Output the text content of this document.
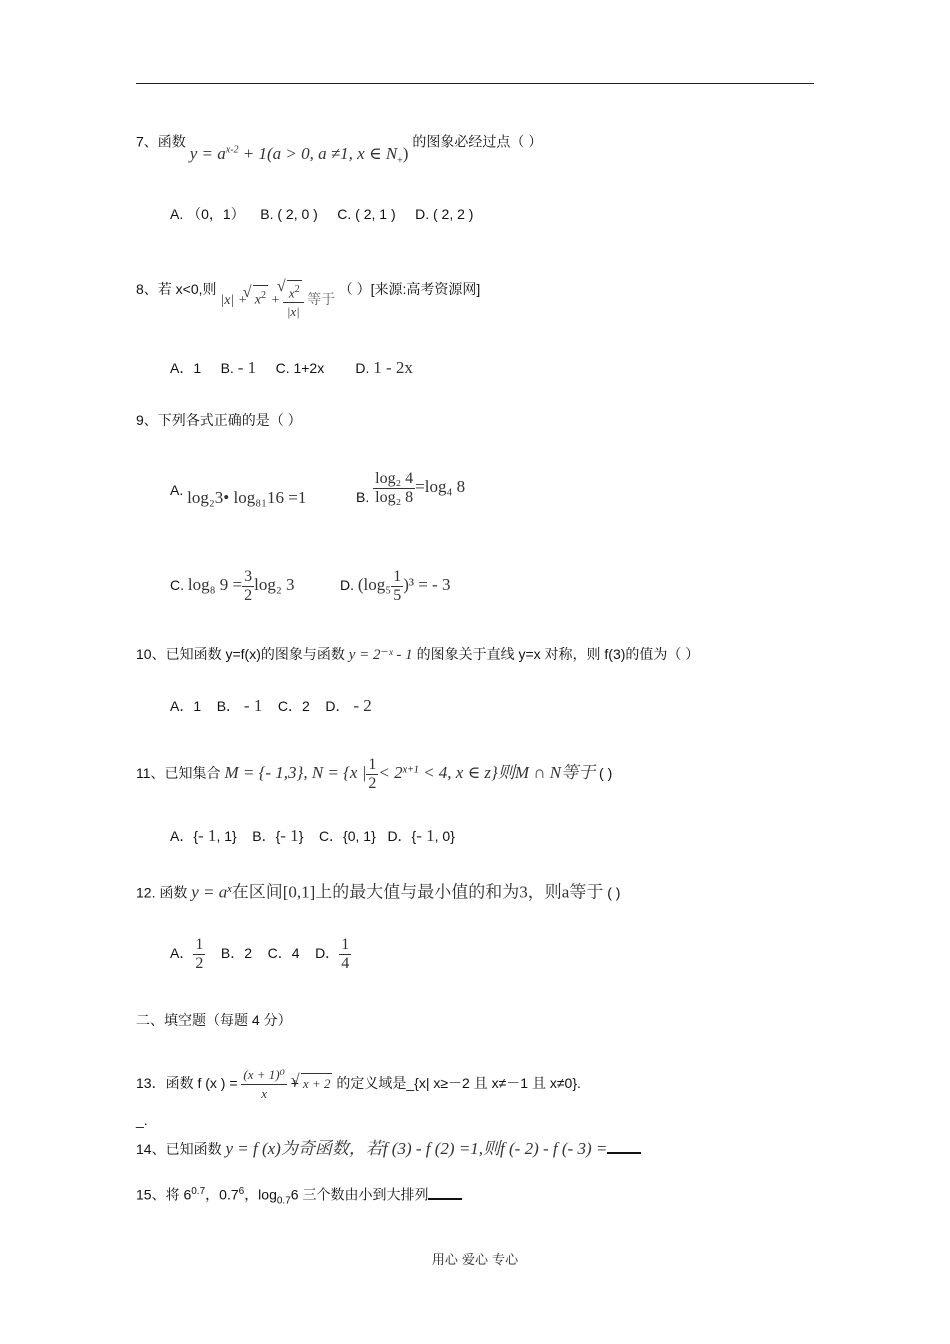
7、函数 $y = a^{x-2} + 1(a > 0$, a ≠1, x ∈ $N_+$) 的图象必经过点（ ）
A. （0，1） B. ( 2, 0 ) C. ( 2, 1 ) D. ( 2, 2 )
8、若 x<0,则 |x| + √ $x^2$ + √ $\frac{x^2}{|x|}$ 等于 （ ）[来源:高考资源网]
A．1 B. - 1 C. 1+2x D. 1 - 2x
9、下列各式正确的是（ ）
A. log₂3• log₈₁16 =1	B. $\frac{\text{log₂ 4}}{\text{log₂ 8}} =\log_4$ 8
C. log₈ $9 = \frac{3}{2} \log_2$ 3	D. $(\log_5 \frac{1}{5} )^3$ = - 3
10、已知函数 y=f(x)的图象与函数 y = 2⁻ˣ - 1 的图象关于直线 y=x 对称，则 f(3)的值为（ ）
A．1 B． - 1 C．2 D． - 2
11、已知集合 M = {- 1,3}, N = {x | $\frac{1}{2} < 2^{x+1} < 4$, x ∈ z}则M ∩ N等于 ( )
A．{- 1, 1} B．{- 1} C．{0, 1} D．{- 1, 0}
12. 函数 $y = a^x$在区间[0,1]上的最大值与最小值的和为3，则a等于 ( )
A． $\frac{1}{2}$ B．2 C．4 D． $\frac{1}{4}$
二、填空题（每题 4 分）
13．函数 f (x ) = $\frac{\text{(x + 1)⁰}}{x}$ + √ x + 2 的定义域是_{x| x≥－2 且 x≠－1 且 x≠0}.
_.
14、已知函数 y = f (x)为奇函数，若f (3) - f (2) =1,则f (- 2) - f (- 3) =
15、将 $6^{0.7}$，$0.7^6$，$\log_{0.7}6$ 三个数由小到大排列
用心 爱心 专心
